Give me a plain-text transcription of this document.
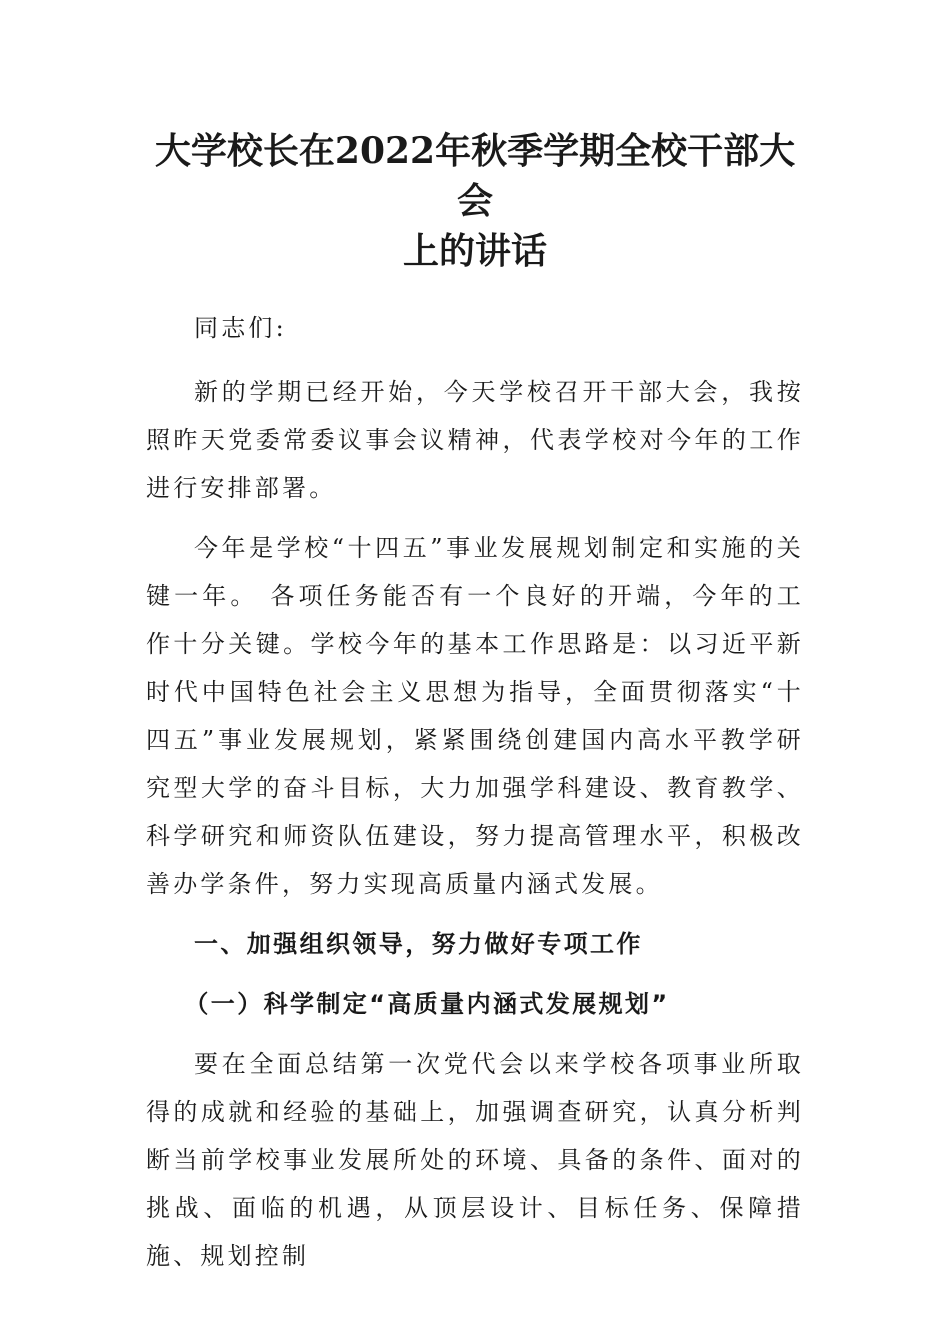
大学校长在2022年秋季学期全校干部大会
上的讲话

同志们:

新的学期已经开始，今天学校召开干部大会，我按照昨天党委常委议事会议精神，代表学校对今年的工作进行安排部署。

今年是学校“十四五”事业发展规划制定和实施的关键一年。 各项任务能否有一个良好的开端，今年的工作十分关键。学校今年的基本工作思路是：以习近平新时代中国特色社会主义思想为指导，全面贯彻落实“十四五”事业发展规划，紧紧围绕创建国内高水平教学研究型大学的奋斗目标，大力加强学科建设、教育教学、科学研究和师资队伍建设，努力提高管理水平，积极改善办学条件，努力实现高质量内涵式发展。

一、加强组织领导，努力做好专项工作

（一）科学制定“高质量内涵式发展规划”

要在全面总结第一次党代会以来学校各项事业所取得的成就和经验的基础上，加强调查研究，认真分析判断当前学校事业发展所处的环境、具备的条件、面对的挑战、面临的机遇，从顶层设计、目标任务、保障措施、规划控制
